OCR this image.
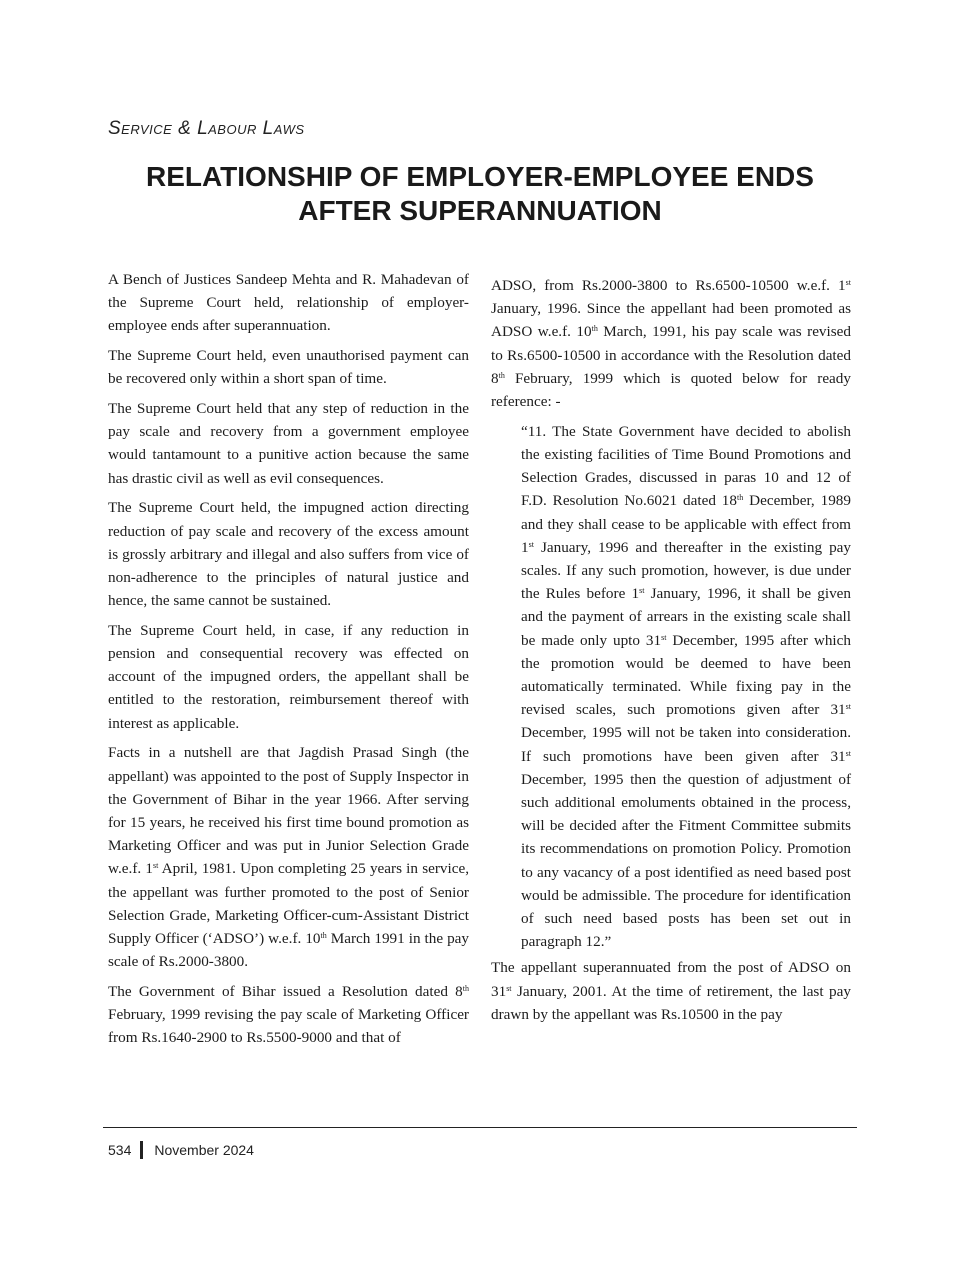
Service & Labour Laws
RELATIONSHIP OF EMPLOYER-EMPLOYEE ENDS
AFTER SUPERANNUATION

A Bench of Justices Sandeep Mehta and R. Mahadevan of the Supreme Court held, relationship of employer-employee ends after superannuation.

The Supreme Court held, even unauthorised payment can be recovered only within a short span of time.

The Supreme Court held that any step of reduction in the pay scale and recovery from a government employee would tantamount to a punitive action because the same has drastic civil as well as evil consequences.

The Supreme Court held, the impugned action directing reduction of pay scale and recovery of the excess amount is grossly arbitrary and illegal and also suffers from vice of non-adherence to the principles of natural justice and hence, the same cannot be sustained.

The Supreme Court held, in case, if any reduction in pension and consequential recovery was effected on account of the impugned orders, the appellant shall be entitled to the restoration, reimbursement thereof with interest as applicable.

Facts in a nutshell are that Jagdish Prasad Singh (the appellant) was appointed to the post of Supply Inspector in the Government of Bihar in the year 1966. After serving for 15 years, he received his first time bound promotion as Marketing Officer and was put in Junior Selection Grade w.e.f. 1st April, 1981. Upon completing 25 years in service, the appellant was further promoted to the post of Senior Selection Grade, Marketing Officer-cum-Assistant District Supply Officer (‘ADSO’) w.e.f. 10th March 1991 in the pay scale of Rs.2000-3800.

The Government of Bihar issued a Resolution dated 8th February, 1999 revising the pay scale of Marketing Officer from Rs.1640-2900 to Rs.5500-9000 and that of

ADSO, from Rs.2000-3800 to Rs.6500-10500 w.e.f. 1st January, 1996. Since the appellant had been promoted as ADSO w.e.f. 10th March, 1991, his pay scale was revised to Rs.6500-10500 in accordance with the Resolution dated 8th February, 1999 which is quoted below for ready reference: -

“11. The State Government have decided to abolish the existing facilities of Time Bound Promotions and Selection Grades, discussed in paras 10 and 12 of F.D. Resolution No.6021 dated 18th December, 1989 and they shall cease to be applicable with effect from 1st January, 1996 and thereafter in the existing pay scales. If any such promotion, however, is due under the Rules before 1st January, 1996, it shall be given and the payment of arrears in the existing scale shall be made only upto 31st December, 1995 after which the promotion would be deemed to have been automatically terminated. While fixing pay in the revised scales, such promotions given after 31st December, 1995 will not be taken into consideration. If such promotions have been given after 31st December, 1995 then the question of adjustment of such additional emoluments obtained in the process, will be decided after the Fitment Committee submits its recommendations on promotion Policy. Promotion to any vacancy of a post identified as need based post would be admissible. The procedure for identification of such need based posts has been set out in paragraph 12.”

The appellant superannuated from the post of ADSO on 31st January, 2001. At the time of retirement, the last pay drawn by the appellant was Rs.10500 in the pay

534 November 2024
